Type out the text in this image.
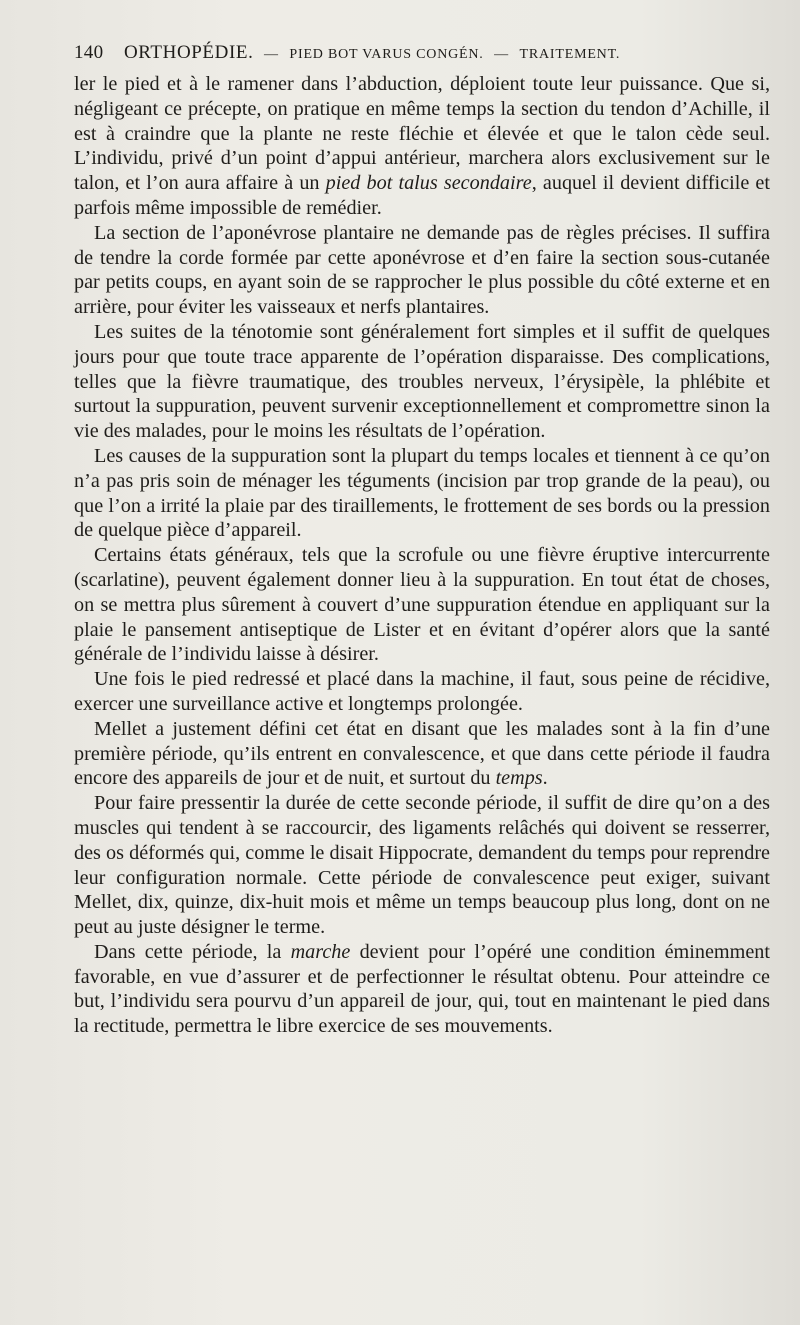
140 ORTHOPÉDIE. — PIED BOT VARUS CONGÉN. — TRAITEMENT.

ler le pied et à le ramener dans l’abduction, déploient toute leur puissance. Que si, négligeant ce précepte, on pratique en même temps la section du tendon d’Achille, il est à craindre que la plante ne reste fléchie et élevée et que le talon cède seul. L’individu, privé d’un point d’appui antérieur, marchera alors exclusivement sur le talon, et l’on aura affaire à un pied bot talus secondaire, auquel il devient difficile et parfois même impossible de remédier.

La section de l’aponévrose plantaire ne demande pas de règles précises. Il suffira de tendre la corde formée par cette aponévrose et d’en faire la section sous-cutanée par petits coups, en ayant soin de se rapprocher le plus possible du côté externe et en arrière, pour éviter les vaisseaux et nerfs plantaires.

Les suites de la ténotomie sont généralement fort simples et il suffit de quelques jours pour que toute trace apparente de l’opération disparaisse. Des complications, telles que la fièvre traumatique, des troubles nerveux, l’érysipèle, la phlébite et surtout la suppuration, peuvent survenir exceptionnellement et compromettre sinon la vie des malades, pour le moins les résultats de l’opération.

Les causes de la suppuration sont la plupart du temps locales et tiennent à ce qu’on n’a pas pris soin de ménager les téguments (incision par trop grande de la peau), ou que l’on a irrité la plaie par des tiraillements, le frottement de ses bords ou la pression de quelque pièce d’appareil.

Certains états généraux, tels que la scrofule ou une fièvre éruptive intercurrente (scarlatine), peuvent également donner lieu à la suppuration. En tout état de choses, on se mettra plus sûrement à couvert d’une suppuration étendue en appliquant sur la plaie le pansement antiseptique de Lister et en évitant d’opérer alors que la santé générale de l’individu laisse à désirer.

Une fois le pied redressé et placé dans la machine, il faut, sous peine de récidive, exercer une surveillance active et longtemps prolongée.

Mellet a justement défini cet état en disant que les malades sont à la fin d’une première période, qu’ils entrent en convalescence, et que dans cette période il faudra encore des appareils de jour et de nuit, et surtout du temps.

Pour faire pressentir la durée de cette seconde période, il suffit de dire qu’on a des muscles qui tendent à se raccourcir, des ligaments relâchés qui doivent se resserrer, des os déformés qui, comme le disait Hippocrate, demandent du temps pour reprendre leur configuration normale. Cette période de convalescence peut exiger, suivant Mellet, dix, quinze, dix-huit mois et même un temps beaucoup plus long, dont on ne peut au juste désigner le terme.

Dans cette période, la marche devient pour l’opéré une condition éminemment favorable, en vue d’assurer et de perfectionner le résultat obtenu. Pour atteindre ce but, l’individu sera pourvu d’un appareil de jour, qui, tout en maintenant le pied dans la rectitude, permettra le libre exercice de ses mouvements.
